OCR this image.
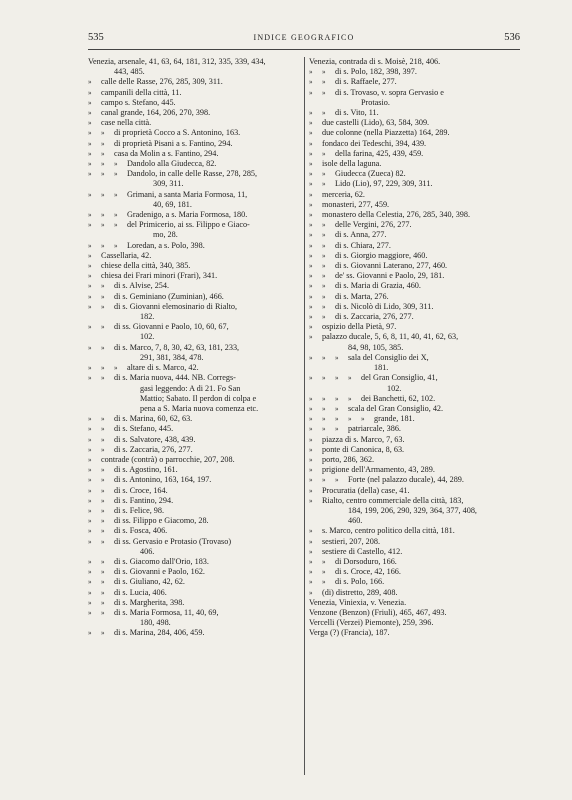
535	INDICE GEOGRAFICO	536
Venezia, arsenale, 41, 63, 64, 181, 312, 335, 339, 434,
443, 485.
»	calle delle Rasse, 276, 285, 309, 311.
»	campanili della città, 11.
»	campo s. Stefano, 445.
»	canal grande, 164, 206, 270, 398.
»	case nella città.
»	»	di proprietà Cocco a S. Antonino, 163.
»	»	di proprietà Pisani a s. Fantino, 294.
»	»	casa da Molin a s. Fantino, 294.
»	»	»	Dandolo alla Giudecca, 82.
»	»	»	Dandolo, in calle delle Rasse, 278, 285,
309, 311.
»	»	»	Grimani, a santa Maria Formosa, 11,
40, 69, 181.
»	»	»	Gradenigo, a s. Maria Formosa, 180.
»	»	»	del Primicerio, ai ss. Filippo e Giaco-
mo, 28.
»	»	»	Loredan, a s. Polo, 398.
»	Cassellaria, 42.
»	chiese della città, 340, 385.
»	chiesa dei Frari minori (Frari), 341.
»	»	di s. Alvise, 254.
»	»	di s. Geminiano (Zuminian), 466.
»	»	di s. Giovanni elemosinario di Rialto,
182.
»	»	di ss. Giovanni e Paolo, 10, 60, 67,
102.
»	»	di s. Marco, 7, 8, 30, 42, 63, 181, 233,
291, 381, 384, 478.
»	»	»	altare di s. Marco, 42.
»	»	di s. Maria nuova, 444. NB. Corregs-
gasi leggendo: A di 21. Fo San
Mattio; Sabato. Il perdon di colpa e
pena a S. Maria nuova comenza etc.
»	»	di s. Marina, 60, 62, 63.
»	»	di s. Stefano, 445.
»	»	di s. Salvatore, 438, 439.
»	»	di s. Zaccaria, 276, 277.
»	contrade (contrà) o parrocchie, 207, 208.
»	»	di s. Agostino, 161.
»	»	di s. Antonino, 163, 164, 197.
»	»	di s. Croce, 164.
»	»	di s. Fantino, 294.
»	»	di s. Felice, 98.
»	»	di ss. Filippo e Giacomo, 28.
»	»	di s. Fosca, 406.
»	»	di ss. Gervasio e Protasio (Trovaso)
406.
»	»	di s. Giacomo dall'Orio, 183.
»	»	di s. Giovanni e Paolo, 162.
»	»	di s. Giuliano, 42, 62.
»	»	di s. Lucia, 406.
»	»	di s. Margherita, 398.
»	»	di s. Maria Formosa, 11, 40, 69,
180, 498.
»	»	di s. Marina, 284, 406, 459.
Venezia, contrada di s. Moisè, 218, 406.
»	»	di s. Polo, 182, 398, 397.
»	»	di s. Raffaele, 277.
»	»	di s. Trovaso, v. sopra Gervasio e
Protasio.
»	»	di s. Vito, 11.
»	due castelli (Lido), 63, 584, 309.
»	due colonne (nella Piazzetta) 164, 289.
»	fondaco dei Tedeschi, 394, 439.
»	»	della farina, 425, 439, 459.
»	isole della laguna.
»	»	Giudecca (Zueca) 82.
»	»	Lido (Lio), 97, 229, 309, 311.
»	merceria, 62.
»	monasteri, 277, 459.
»	monastero della Celestia, 276, 285, 340, 398.
»	»	delle Vergini, 276, 277.
»	»	di s. Anna, 277.
»	»	di s. Chiara, 277.
»	»	di s. Giorgio maggiore, 460.
»	»	di s. Giovanni Laterano, 277, 460.
»	»	de' ss. Giovanni e Paolo, 29, 181.
»	»	di s. Maria di Grazia, 460.
»	»	di s. Marta, 276.
»	»	di s. Nicolò di Lido, 309, 311.
»	»	di s. Zaccaria, 276, 277.
»	ospizio della Pietà, 97.
»	palazzo ducale, 5, 6, 8, 11, 40, 41, 62, 63,
84, 98, 105, 385.
»	»	»	sala del Consiglio dei X,
181.
»	»	»	»	del Gran Consiglio, 41,
102.
»	»	»	»	dei Banchetti, 62, 102.
»	»	»	scala del Gran Consiglio, 42.
»	»	»	»	»	grande, 181.
»	»	»	patriarcale, 386.
»	piazza di s. Marco, 7, 63.
»	ponte di Canonica, 8, 63.
»	porto, 286, 362.
»	prigione dell'Armamento, 43, 289.
»	»	»	Forte (nel palazzo ducale), 44, 289.
»	Procuratia (della) case, 41.
»	Rialto, centro commerciale della città, 183,
184, 199, 206, 290, 329, 364, 377, 408,
460.
»	s. Marco, centro politico della città, 181.
»	sestieri, 207, 208.
»	sestiere di Castello, 412.
»	»	di Dorsoduro, 166.
»	»	di s. Croce, 42, 166.
»	»	di s. Polo, 166.
»	(di) distretto, 289, 408.
Venezia, Viniexia, v. Venezia.
Venzone (Benzon) (Friuli), 465, 467, 493.
Vercelli (Verzei) Piemonte), 259, 396.
Verga (?) (Francia), 187.
